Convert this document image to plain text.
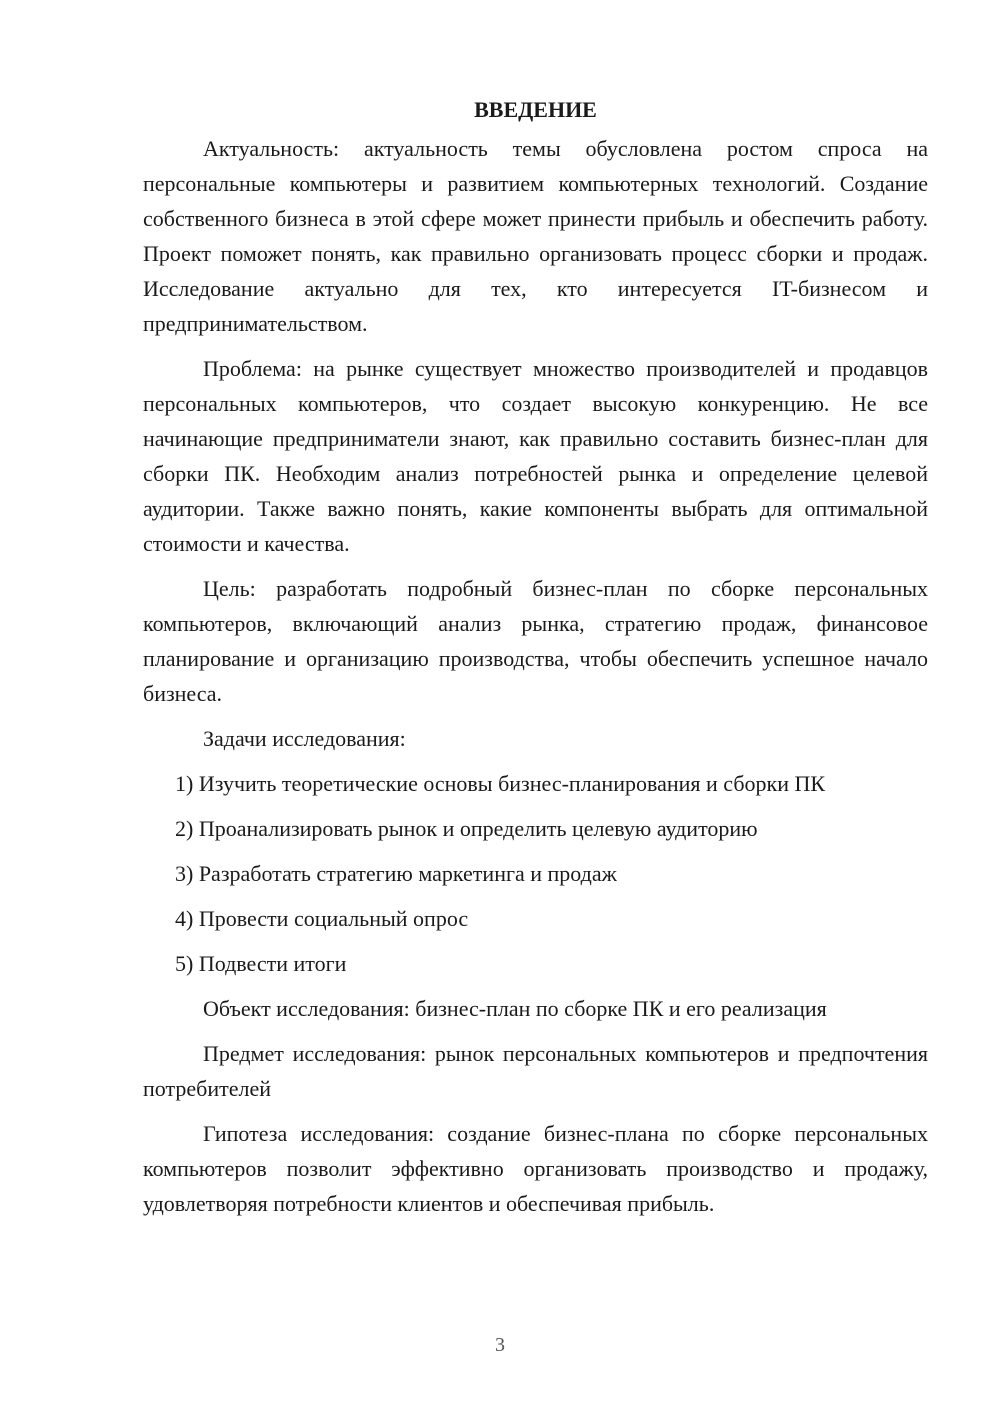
ВВЕДЕНИЕ

Актуальность: актуальность темы обусловлена ростом спроса на персональные компьютеры и развитием компьютерных технологий. Создание собственного бизнеса в этой сфере может принести прибыль и обеспечить работу. Проект поможет понять, как правильно организовать процесс сборки и продаж. Исследование актуально для тех, кто интересуется IT-бизнесом и предпринимательством.

Проблема: на рынке существует множество производителей и продавцов персональных компьютеров, что создает высокую конкуренцию. Не все начинающие предприниматели знают, как правильно составить бизнес-план для сборки ПК. Необходим анализ потребностей рынка и определение целевой аудитории. Также важно понять, какие компоненты выбрать для оптимальной стоимости и качества.

Цель: разработать подробный бизнес-план по сборке персональных компьютеров, включающий анализ рынка, стратегию продаж, финансовое планирование и организацию производства, чтобы обеспечить успешное начало бизнеса.

Задачи исследования:

1) Изучить теоретические основы бизнес-планирования и сборки ПК

2) Проанализировать рынок и определить целевую аудиторию

3) Разработать стратегию маркетинга и продаж

4) Провести социальный опрос

5) Подвести итоги

Объект исследования: бизнес-план по сборке ПК и его реализация

Предмет исследования: рынок персональных компьютеров и предпочтения потребителей

Гипотеза исследования: создание бизнес-плана по сборке персональных компьютеров позволит эффективно организовать производство и продажу, удовлетворяя потребности клиентов и обеспечивая прибыль.

3
